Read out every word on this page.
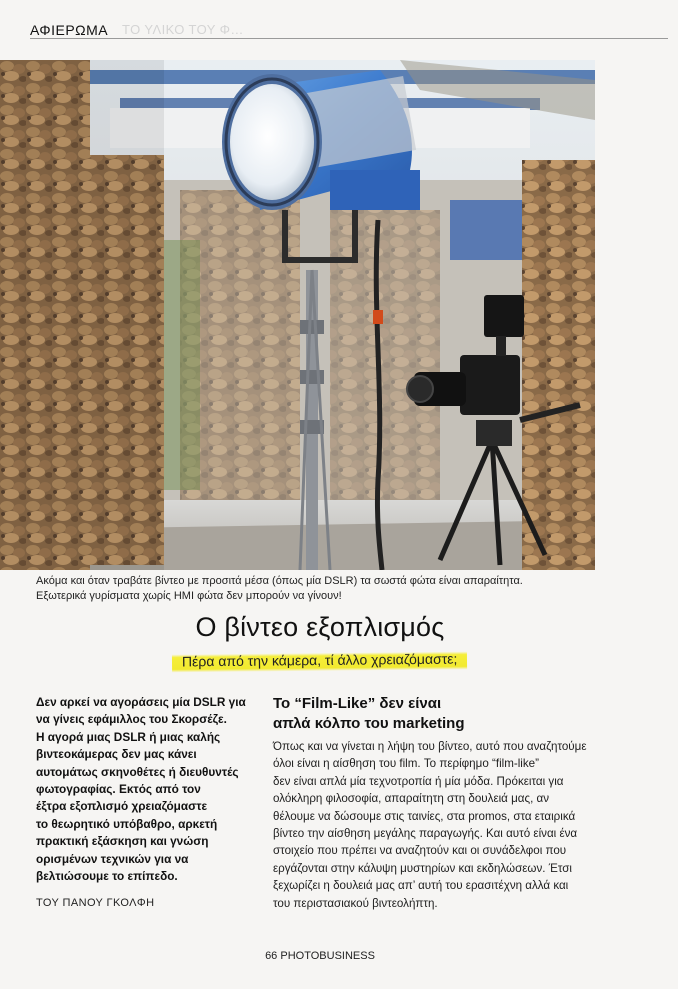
ΑΦΙΕΡΩΜΑ ΤΟ ΥΛΙΚΟ ΤΟΥ Φ…
Ακόμα και όταν τραβάτε βίντεο με προσιτά μέσα (όπως μία DSLR) τα σωστά φώτα είναι απαραίτητα.
Εξωτερικά γυρίσματα χωρίς HMI φώτα δεν μπορούν να γίνουν!
Ο βίντεο εξοπλισμός
Πέρα από την κάμερα, τί άλλο χρειαζόμαστε;
Δεν αρκεί να αγοράσεις μία DSLR για
να γίνεις εφάμιλλος του Σκορσέζε.
Η αγορά μιας DSLR ή μιας καλής
βιντεοκάμερας δεν μας κάνει
αυτομάτως σκηνοθέτες ή διευθυντές
φωτογραφίας. Εκτός από τον
έξτρα εξοπλισμό χρειαζόμαστε
το θεωρητικό υπόβαθρο, αρκετή
πρακτική εξάσκηση και γνώση
ορισμένων τεχνικών για να
βελτιώσουμε το επίπεδο.
ΤΟΥ ΠΑΝΟΥ ΓΚΟΛΦΗ
Το “Film-Like” δεν είναι
απλά κόλπο του marketing
Όπως και να γίνεται η λήψη του βίντεο, αυτό που αναζητούμε
όλοι είναι η αίσθηση του film. Το περίφημο “film-like”
δεν είναι απλά μία τεχνοτροπία ή μία μόδα. Πρόκειται για
ολόκληρη φιλοσοφία, απαραίτητη στη δουλειά μας, αν
θέλουμε να δώσουμε στις ταινίες, στα promos, στα εταιρικά
βίντεο την αίσθηση μεγάλης παραγωγής. Και αυτό είναι ένα
στοιχείο που πρέπει να αναζητούν και οι συνάδελφοι που
εργάζονται στην κάλυψη μυστηρίων και εκδηλώσεων. Έτσι
ξεχωρίζει η δουλειά μας απ’ αυτή του ερασιτέχνη αλλά και
του περιστασιακού βιντεολήπτη.
66 PHOTOBUSINESS
